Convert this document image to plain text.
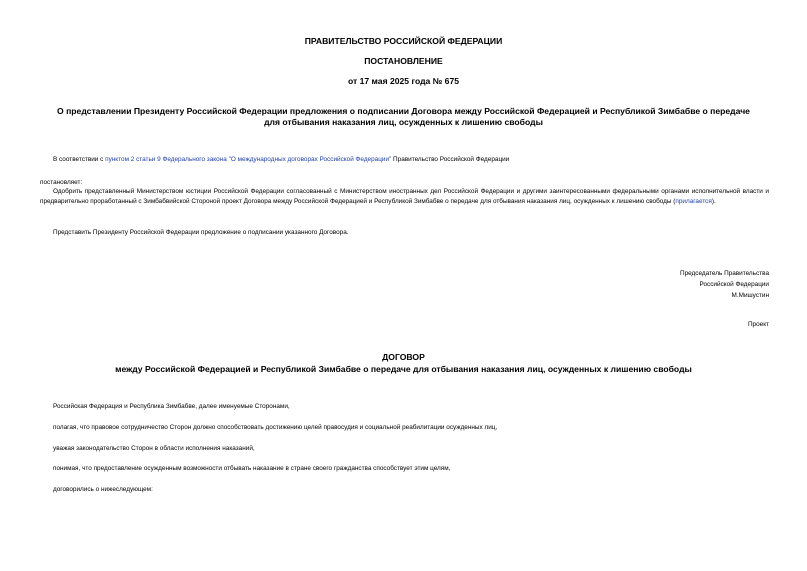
ПРАВИТЕЛЬСТВО РОССИЙСКОЙ ФЕДЕРАЦИИ
ПОСТАНОВЛЕНИЕ
от 17 мая 2025 года № 675
О представлении Президенту Российской Федерации предложения о подписании Договора между Российской Федерацией и Республикой Зимбабве о передаче
для отбывания наказания лиц, осужденных к лишению свободы
В соответствии с пунктом 2 статьи 9 Федерального закона "О международных договорах Российской Федерации" Правительство Российской Федерации
постановляет:
Одобрить представленный Министерством юстиции Российской Федерации согласованный с Министерством иностранных дел Российской Федерации и другими заинтересованными федеральными органами исполнительной власти и предварительно проработанный с Зимбабвийской Стороной проект Договора между Российской Федерацией и Республикой Зимбабве о передаче для отбывания наказания лиц, осужденных к лишению свободы (прилагается).
Представить Президенту Российской Федерации предложение о подписании указанного Договора.
Председатель Правительства
Российской Федерации
М.Мишустин
Проект
ДОГОВОР
между Российской Федерацией и Республикой Зимбабве о передаче для отбывания наказания лиц, осужденных к лишению свободы
Российская Федерация и Республика Зимбабве, далее именуемые Сторонами,
полагая, что правовое сотрудничество Сторон должно способствовать достижению целей правосудия и социальной реабилитации осужденных лиц,
уважая законодательство Сторон в области исполнения наказаний,
понимая, что предоставление осужденным возможности отбывать наказание в стране своего гражданства способствует этим целям,
договорились о нижеследующем:
